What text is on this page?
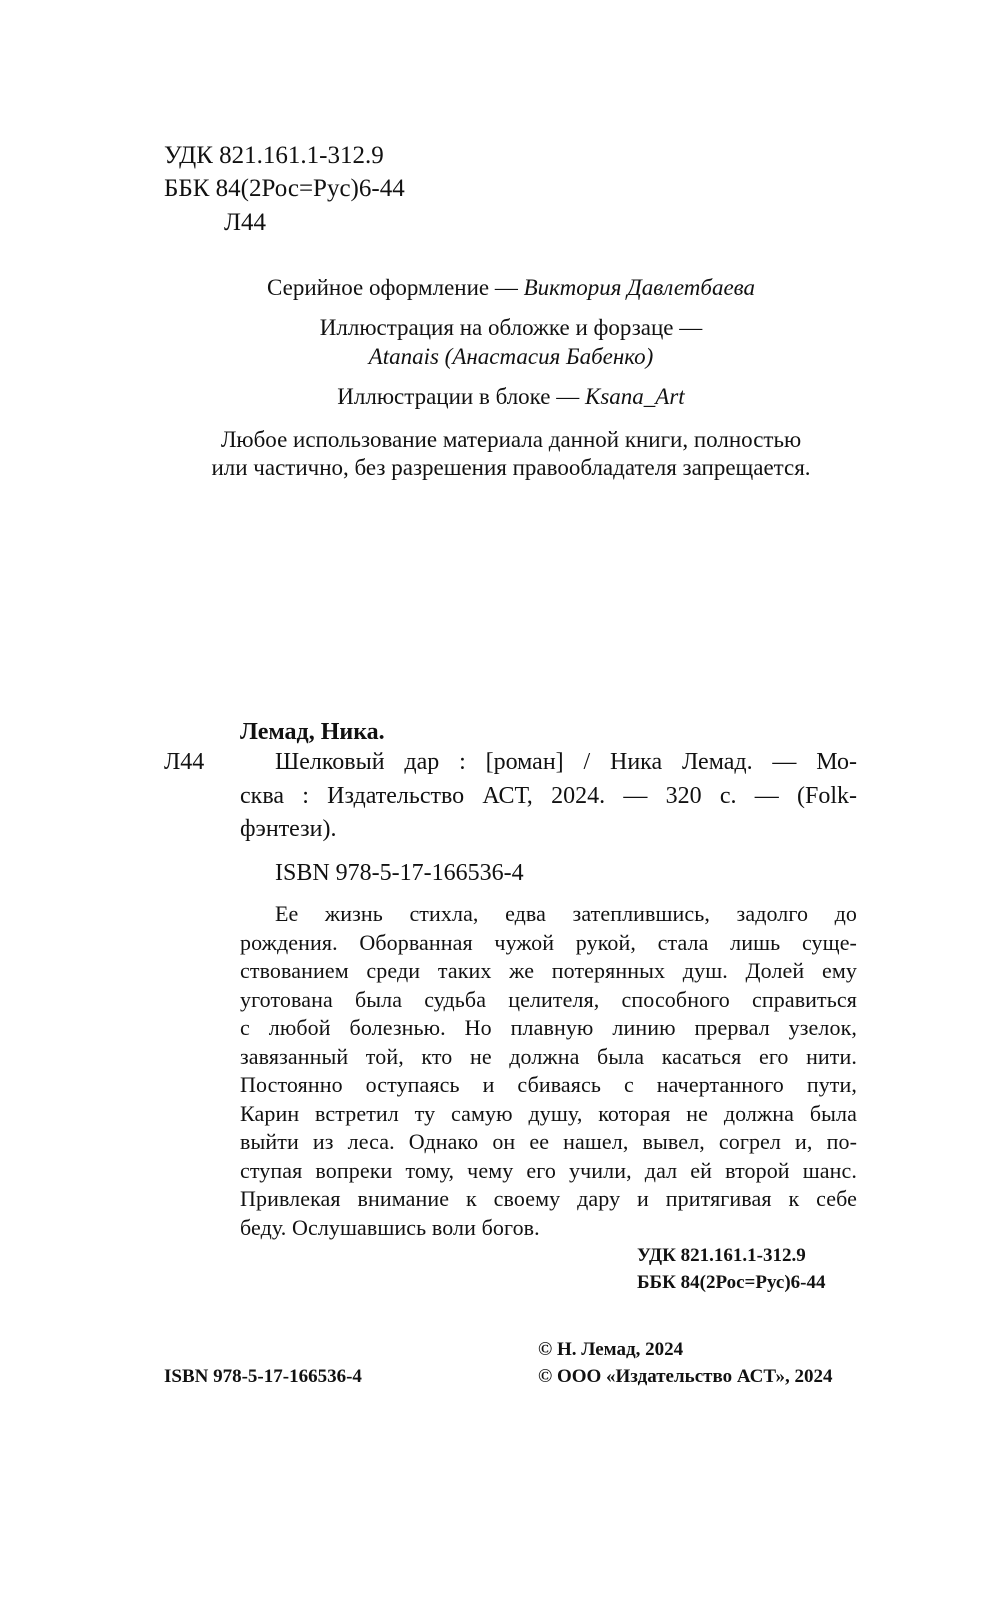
УДК 821.161.1-312.9
ББК 84(2Рос=Рус)6-44
Л44
Серийное оформление — Виктория Давлетбаева
Иллюстрация на обложке и форзаце —
Atanais (Анастасия Бабенко)
Иллюстрации в блоке — Ksana_Art
Любое использование материала данной книги, полностью
или частично, без разрешения правообладателя запрещается.
Лемад, Ника.
Л44	Шелковый дар : [роман] / Ника Лемад. — Мо-
сква : Издательство АСТ, 2024. — 320 с. — (Folk-
фэнтези).
ISBN 978-5-17-166536-4
Ее жизнь стихла, едва затеплившись, задолго до
рождения. Оборванная чужой рукой, стала лишь суще-
ствованием среди таких же потерянных душ. Долей ему
уготована была судьба целителя, способного справиться
с любой болезнью. Но плавную линию прервал узелок,
завязанный той, кто не должна была касаться его нити.
Постоянно оступаясь и сбиваясь с начертанного пути,
Карин встретил ту самую душу, которая не должна была
выйти из леса. Однако он ее нашел, вывел, согрел и, по-
ступая вопреки тому, чему его учили, дал ей второй шанс.
Привлекая внимание к своему дару и притягивая к себе
беду. Ослушавшись воли богов.
УДК 821.161.1-312.9
ББК 84(2Рос=Рус)6-44
© Н. Лемад, 2024
© ООО «Издательство АСТ», 2024
ISBN 978-5-17-166536-4
